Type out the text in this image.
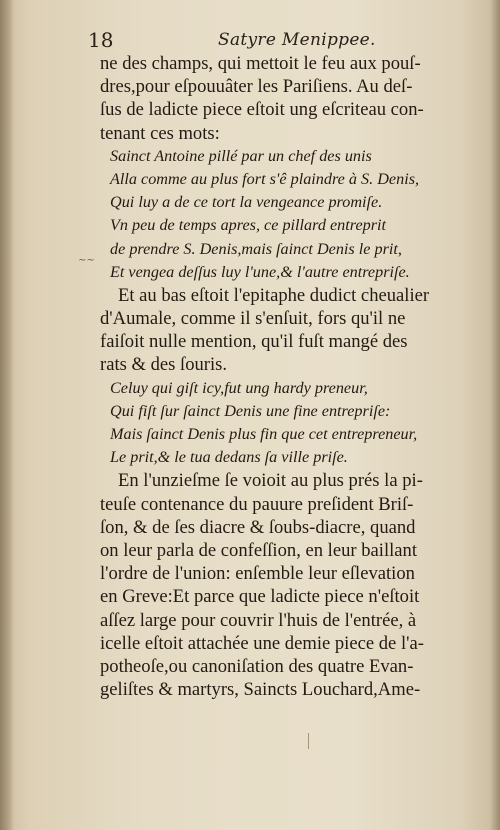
18	Satyre Menippee.
∼∼
ne des champs, qui mettoit le feu aux pouſ-
dres,pour eſpouuâter les Pariſiens. Au deſ-
ſus de ladicte piece eſtoit ung eſcriteau con-
tenant ces mots:
Sainct Antoine pillé par un chef des unis
Alla comme au plus fort s'ê plaindre à S. Denis,
Qui luy a de ce tort la vengeance promiſe.
Vn peu de temps apres, ce pillard entreprit
de prendre S. Denis,mais ſainct Denis le prit,
Et vengea deſſus luy l'une,& l'autre entrepriſe.
Et au bas eſtoit l'epitaphe dudict cheualier
d'Aumale, comme il s'enſuit, fors qu'il ne
faiſoit nulle mention, qu'il fuſt mangé des
rats & des ſouris.
Celuy qui giſt icy,fut ung hardy preneur,
Qui fiſt ſur ſainct Denis une fine entrepriſe:
Mais ſainct Denis plus fin que cet entrepreneur,
Le prit,& le tua dedans ſa ville priſe.
En l'unzieſme ſe voioit au plus prés la pi-
teuſe contenance du pauure preſident Briſ-
ſon, & de ſes diacre & ſoubs-diacre, quand
on leur parla de confeſſion, en leur baillant
l'ordre de l'union: enſemble leur eſlevation
en Greve:Et parce que ladicte piece n'eſtoit
aſſez large pour couvrir l'huis de l'entrée, à
icelle eſtoit attachée une demie piece de l'a-
potheoſe,ou canoniſation des quatre Evan-
geliſtes & martyrs, Saincts Louchard,Ame-
